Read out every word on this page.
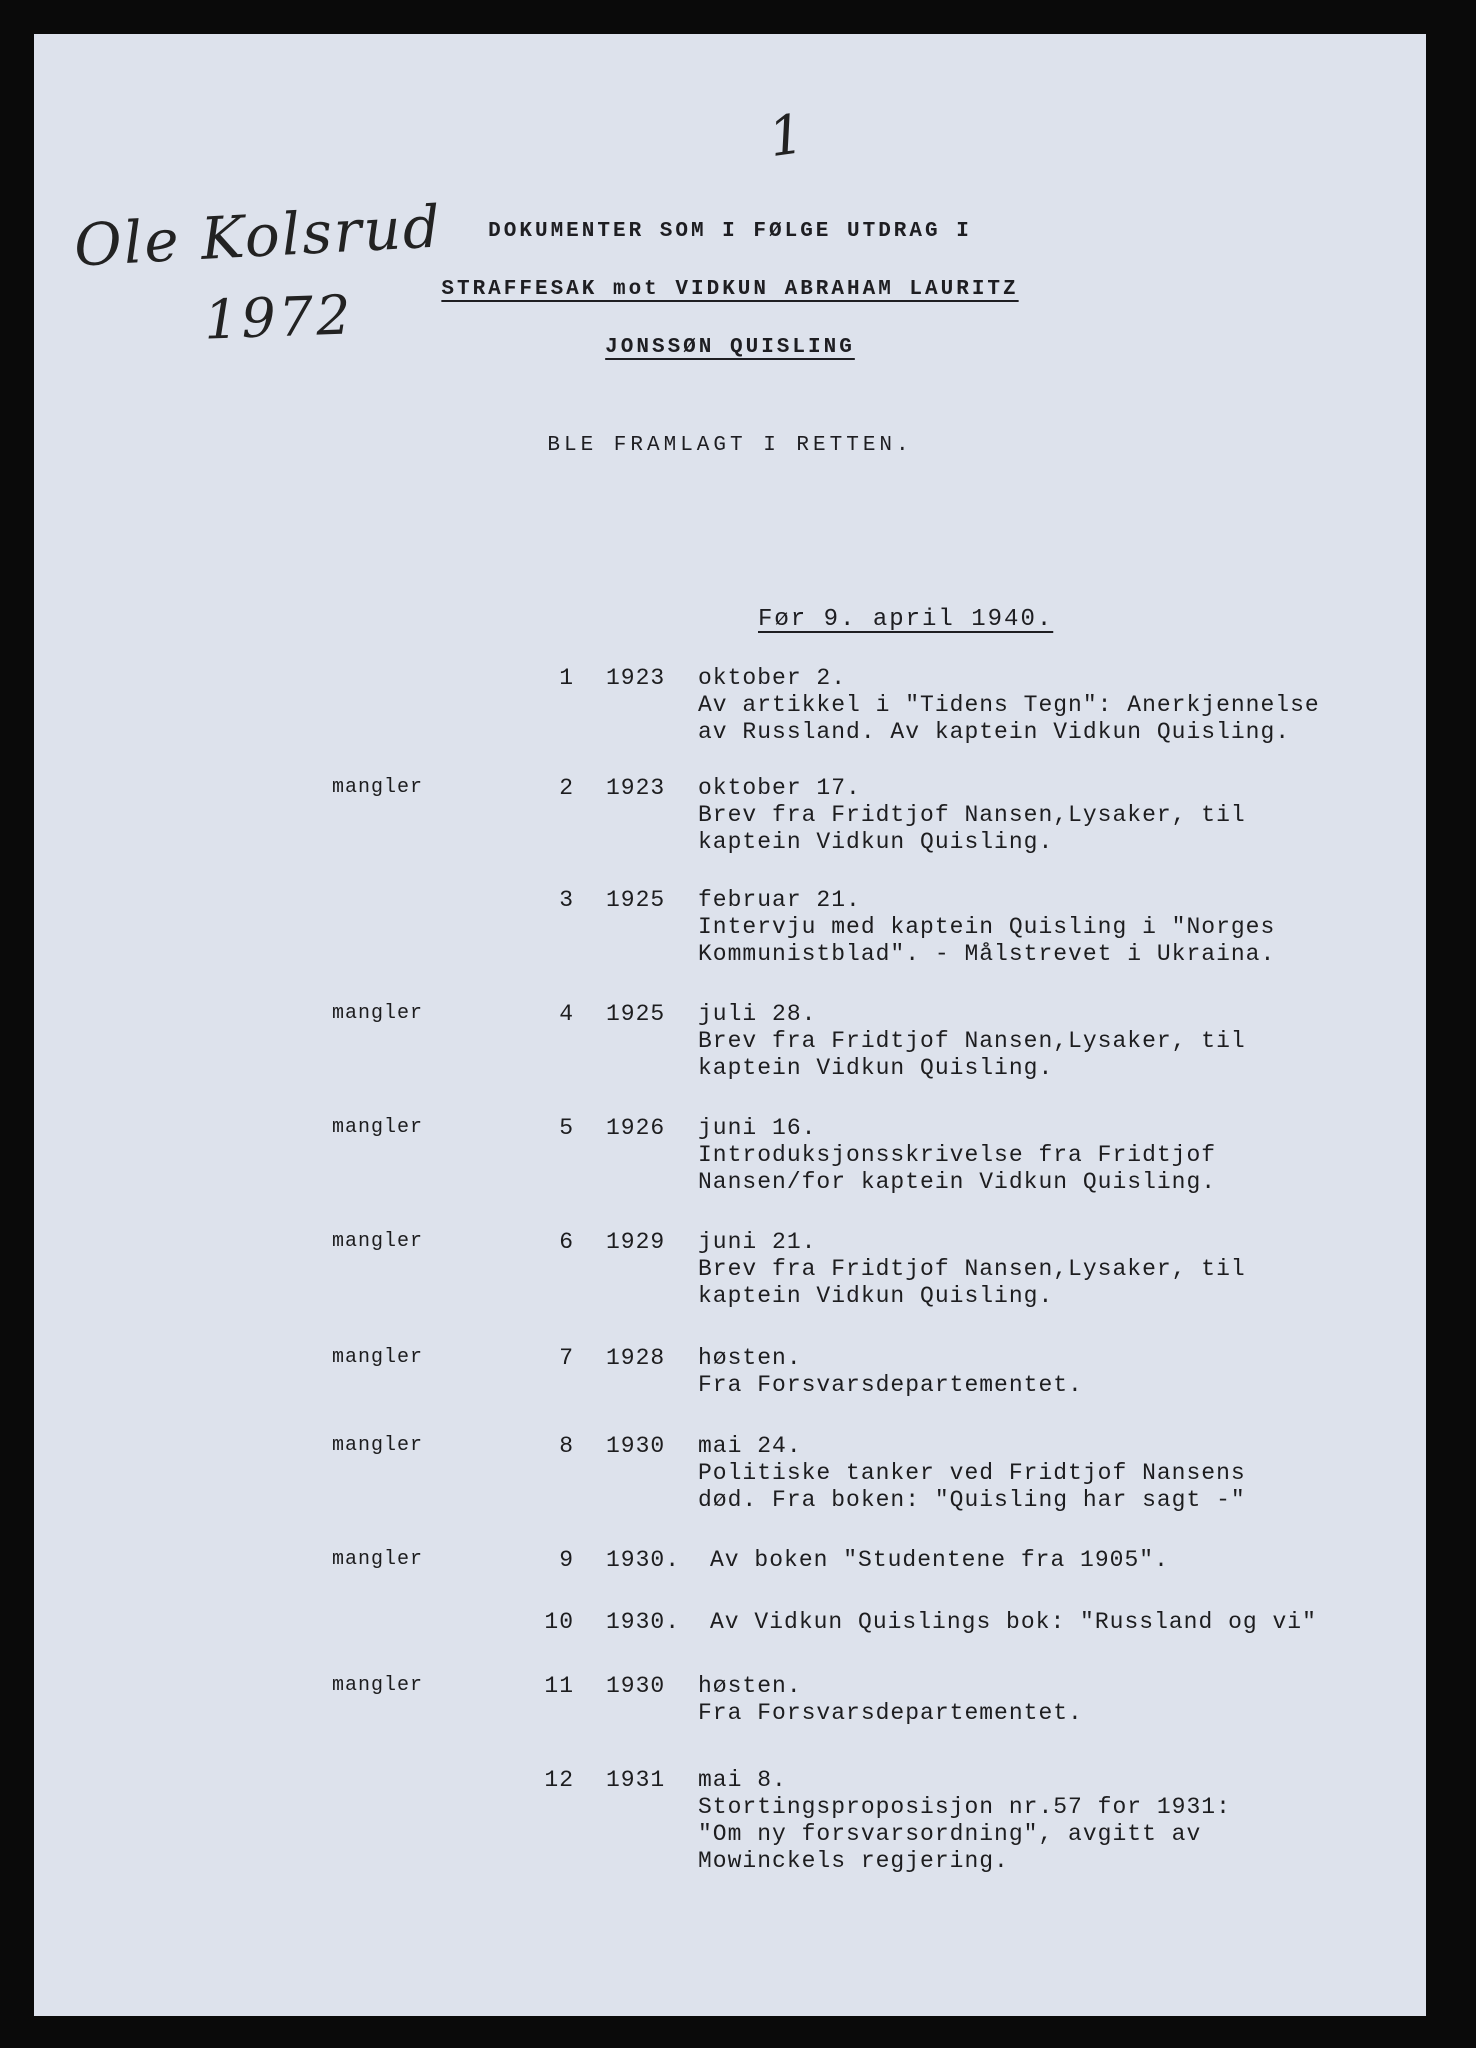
1
Ole Kolsrud
1972
DOKUMENTER SOM I FØLGE UTDRAG I
STRAFFESAK mot VIDKUN ABRAHAM LAURITZ
JONSSØN QUISLING
BLE FRAMLAGT I RETTEN.
Før 9. april 1940.
1 1923 oktober 2.
Av artikkel i "Tidens Tegn": Anerkjennelse
av Russland. Av kaptein Vidkun Quisling.
mangler	2 1923 oktober 17.
Brev fra Fridtjof Nansen,Lysaker, til
kaptein Vidkun Quisling.
3 1925 februar 21.
Intervju med kaptein Quisling i "Norges
Kommunistblad". - Målstrevet i Ukraina.
mangler	4 1925 juli 28.
Brev fra Fridtjof Nansen,Lysaker, til
kaptein Vidkun Quisling.
mangler	5 1926 juni 16.
Introduksjonsskrivelse fra Fridtjof
Nansen/for kaptein Vidkun Quisling.
mangler	6 1929 juni 21.
Brev fra Fridtjof Nansen,Lysaker, til
kaptein Vidkun Quisling.
mangler	7 1928 høsten.
Fra Forsvarsdepartementet.
mangler	8 1930 mai 24.
Politiske tanker ved Fridtjof Nansens
død. Fra boken: "Quisling har sagt -"
mangler	9 1930. Av boken "Studentene fra 1905".
10 1930. Av Vidkun Quislings bok: "Russland og vi"
mangler	11 1930 høsten.
Fra Forsvarsdepartementet.
12 1931 mai 8.
Stortingsproposisjon nr.57 for 1931:
"Om ny forsvarsordning", avgitt av
Mowinckels regjering.
